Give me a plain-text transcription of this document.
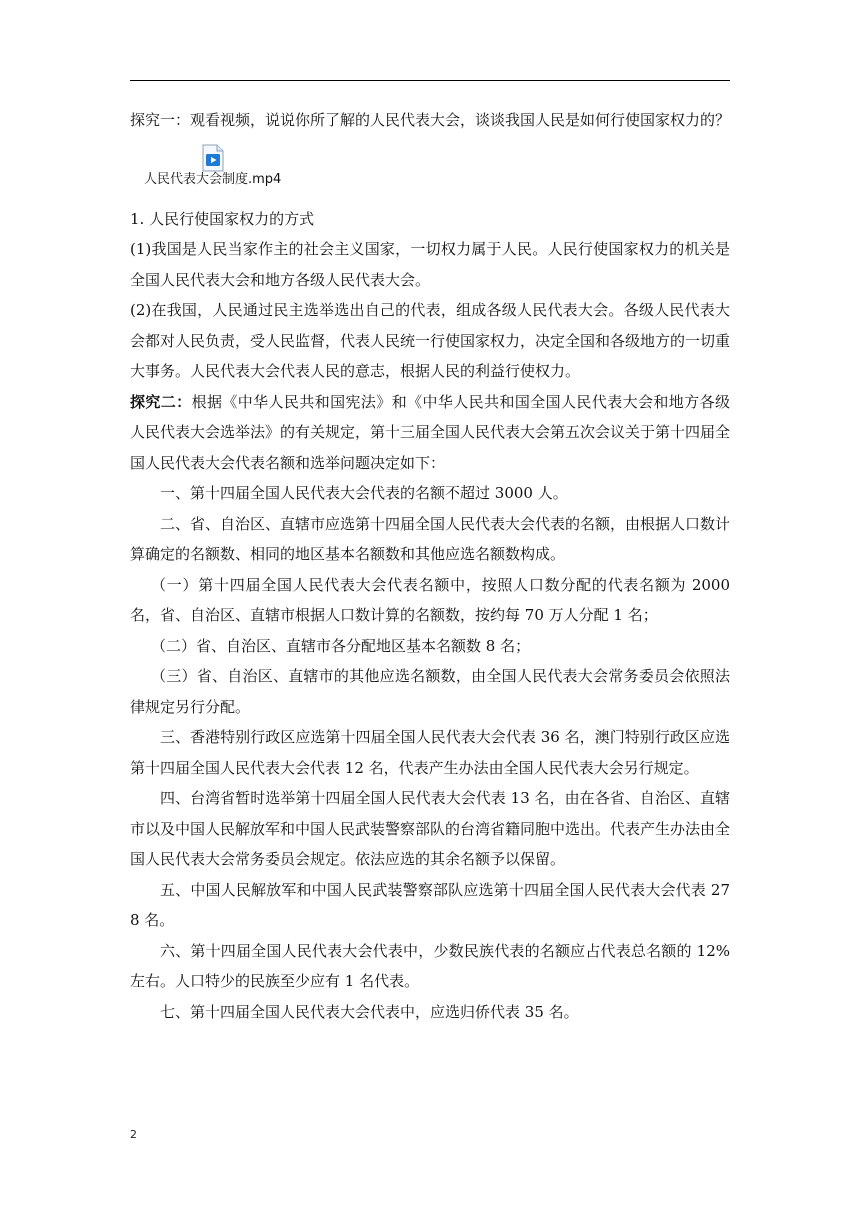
探究一：观看视频，说说你所了解的人民代表大会，谈谈我国人民是如何行使国家权力的？

人民代表大会制度.mp4

1. 人民行使国家权力的方式

(1)我国是人民当家作主的社会主义国家，一切权力属于人民。人民行使国家权力的机关是全国人民代表大会和地方各级人民代表大会。

(2)在我国，人民通过民主选举选出自己的代表，组成各级人民代表大会。各级人民代表大会都对人民负责，受人民监督，代表人民统一行使国家权力，决定全国和各级地方的一切重大事务。人民代表大会代表人民的意志，根据人民的利益行使权力。

探究二：根据《中华人民共和国宪法》和《中华人民共和国全国人民代表大会和地方各级人民代表大会选举法》的有关规定，第十三届全国人民代表大会第五次会议关于第十四届全国人民代表大会代表名额和选举问题决定如下：

一、第十四届全国人民代表大会代表的名额不超过 3000 人。

二、省、自治区、直辖市应选第十四届全国人民代表大会代表的名额，由根据人口数计算确定的名额数、相同的地区基本名额数和其他应选名额数构成。

（一）第十四届全国人民代表大会代表名额中，按照人口数分配的代表名额为 2000 名，省、自治区、直辖市根据人口数计算的名额数，按约每 70 万人分配 1 名；

（二）省、自治区、直辖市各分配地区基本名额数 8 名；

（三）省、自治区、直辖市的其他应选名额数，由全国人民代表大会常务委员会依照法律规定另行分配。

三、香港特别行政区应选第十四届全国人民代表大会代表 36 名，澳门特别行政区应选第十四届全国人民代表大会代表 12 名，代表产生办法由全国人民代表大会另行规定。

四、台湾省暂时选举第十四届全国人民代表大会代表 13 名，由在各省、自治区、直辖市以及中国人民解放军和中国人民武装警察部队的台湾省籍同胞中选出。代表产生办法由全国人民代表大会常务委员会规定。依法应选的其余名额予以保留。

五、中国人民解放军和中国人民武装警察部队应选第十四届全国人民代表大会代表 278 名。

六、第十四届全国人民代表大会代表中，少数民族代表的名额应占代表总名额的 12%左右。人口特少的民族至少应有 1 名代表。

七、第十四届全国人民代表大会代表中，应选归侨代表 35 名。

2
